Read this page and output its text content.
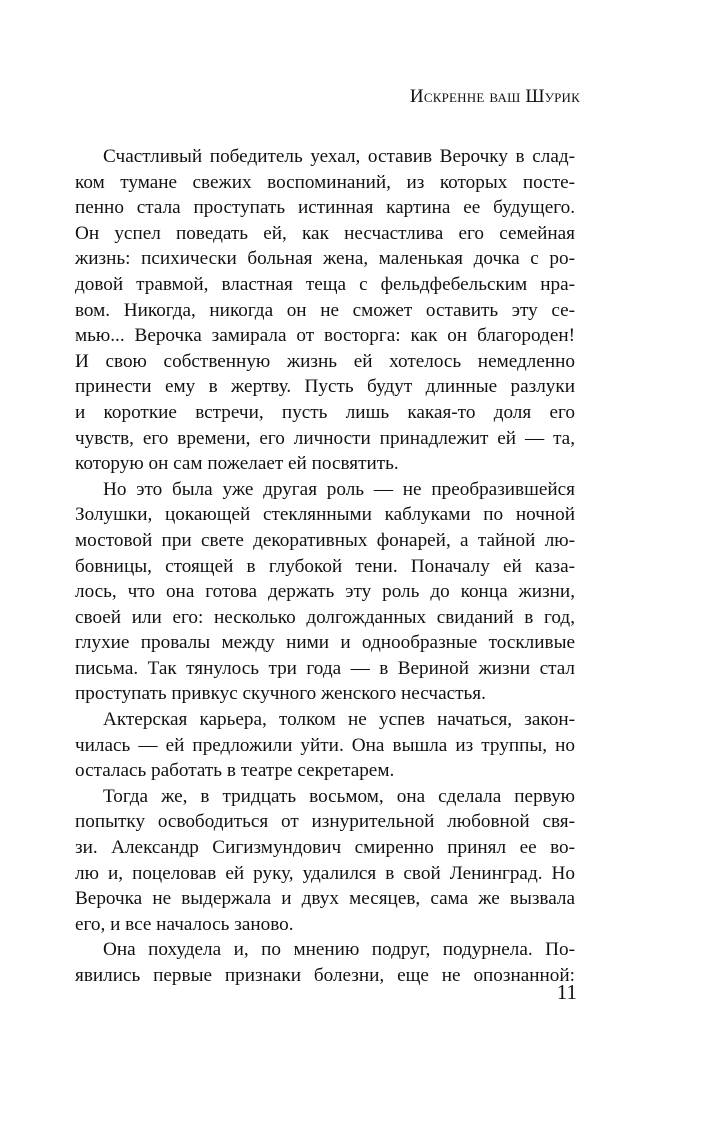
Искренне ваш Шурик
Счастливый победитель уехал, оставив Верочку в слад-
ком тумане свежих воспоминаний, из которых посте-
пенно стала проступать истинная картина ее будущего.
Он успел поведать ей, как несчастлива его семейная
жизнь: психически больная жена, маленькая дочка с ро-
довой травмой, властная теща с фельдфебельским нра-
вом. Никогда, никогда он не сможет оставить эту се-
мью... Верочка замирала от восторга: как он благороден!
И свою собственную жизнь ей хотелось немедленно
принести ему в жертву. Пусть будут длинные разлуки
и короткие встречи, пусть лишь какая-то доля его
чувств, его времени, его личности принадлежит ей — та,
которую он сам пожелает ей посвятить.
Но это была уже другая роль — не преобразившейся
Золушки, цокающей стеклянными каблуками по ночной
мостовой при свете декоративных фонарей, а тайной лю-
бовницы, стоящей в глубокой тени. Поначалу ей каза-
лось, что она готова держать эту роль до конца жизни,
своей или его: несколько долгожданных свиданий в год,
глухие провалы между ними и однообразные тоскливые
письма. Так тянулось три года — в Вериной жизни стал
проступать привкус скучного женского несчастья.
Актерская карьера, толком не успев начаться, закон-
чилась — ей предложили уйти. Она вышла из труппы, но
осталась работать в театре секретарем.
Тогда же, в тридцать восьмом, она сделала первую
попытку освободиться от изнурительной любовной свя-
зи. Александр Сигизмундович смиренно принял ее во-
лю и, поцеловав ей руку, удалился в свой Ленинград. Но
Верочка не выдержала и двух месяцев, сама же вызвала
его, и все началось заново.
Она похудела и, по мнению подруг, подурнела. По-
явились первые признаки болезни, еще не опознанной:
11
